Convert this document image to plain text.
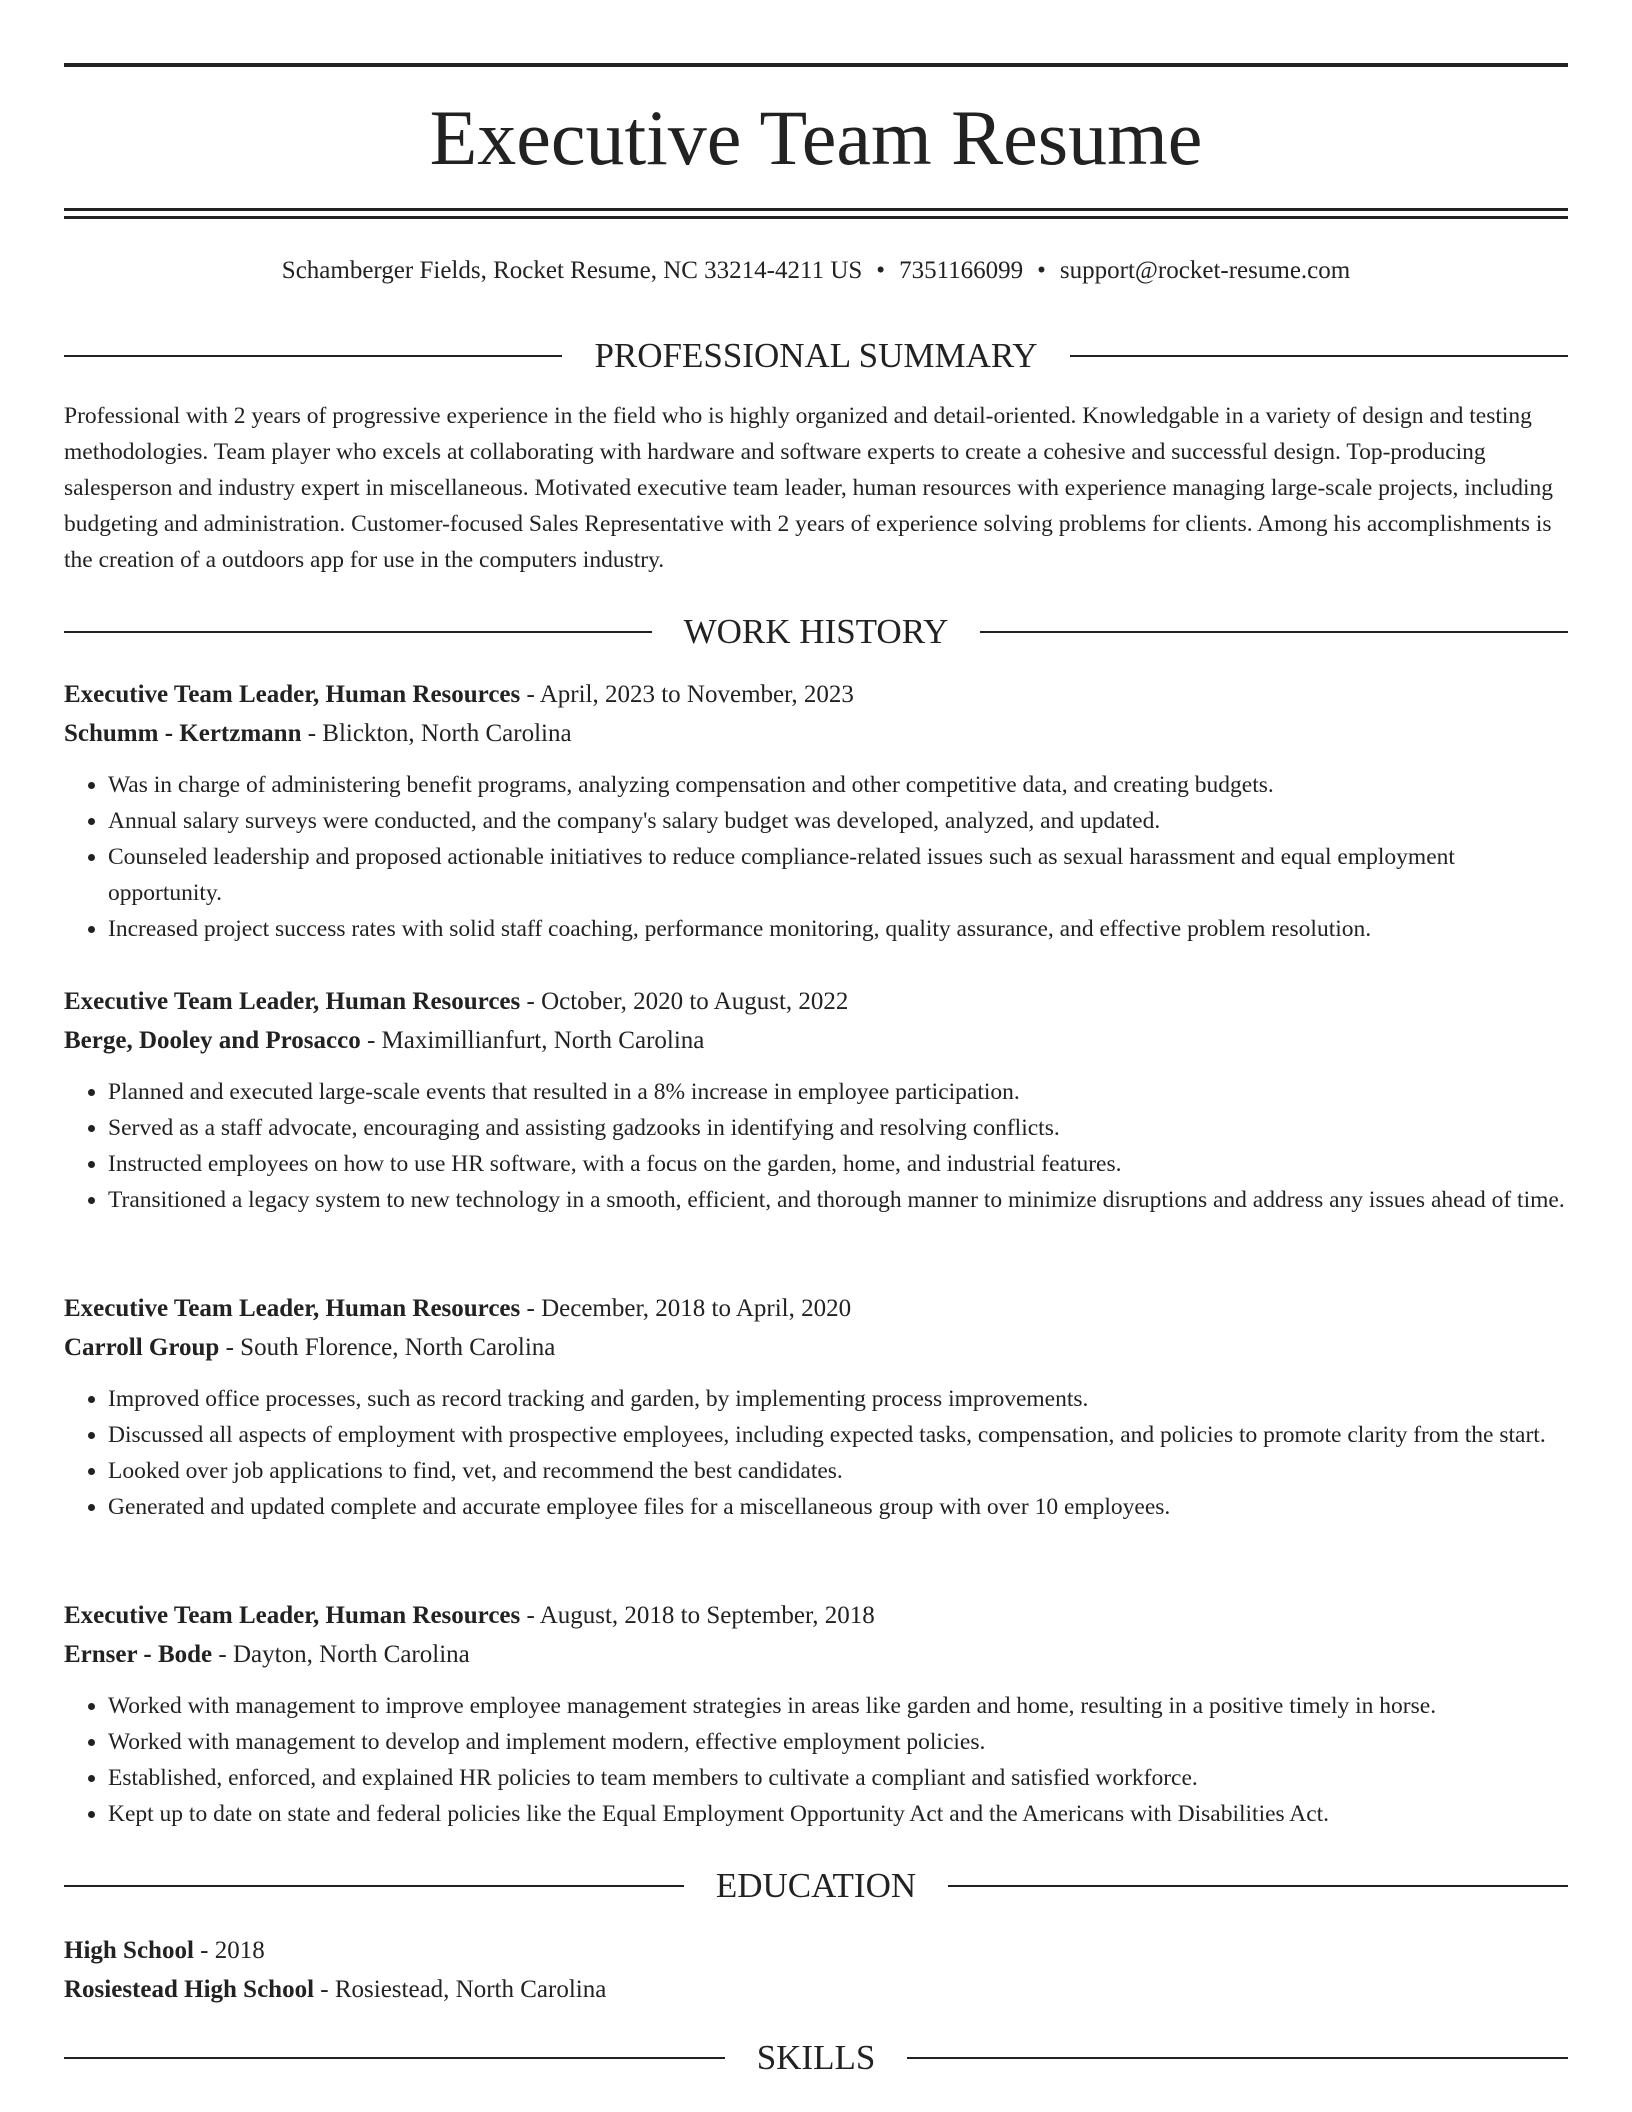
Executive Team Resume
Schamberger Fields, Rocket Resume, NC 33214-4211 US • 7351166099 • support@rocket-resume.com
PROFESSIONAL SUMMARY

Professional with 2 years of progressive experience in the field who is highly organized and detail-oriented. Knowledgable in a variety of design and testing methodologies. Team player who excels at collaborating with hardware and software experts to create a cohesive and successful design. Top-producing salesperson and industry expert in miscellaneous. Motivated executive team leader, human resources with experience managing large-scale projects, including budgeting and administration. Customer-focused Sales Representative with 2 years of experience solving problems for clients. Among his accomplishments is the creation of a outdoors app for use in the computers industry.

WORK HISTORY
Executive Team Leader, Human Resources - April, 2023 to November, 2023
Schumm - Kertzmann - Blickton, North Carolina
• Was in charge of administering benefit programs, analyzing compensation and other competitive data, and creating budgets.
• Annual salary surveys were conducted, and the company's salary budget was developed, analyzed, and updated.
• Counseled leadership and proposed actionable initiatives to reduce compliance-related issues such as sexual harassment and equal employment opportunity.
• Increased project success rates with solid staff coaching, performance monitoring, quality assurance, and effective problem resolution.
Executive Team Leader, Human Resources - October, 2020 to August, 2022
Berge, Dooley and Prosacco - Maximillianfurt, North Carolina
• Planned and executed large-scale events that resulted in a 8% increase in employee participation.
• Served as a staff advocate, encouraging and assisting gadzooks in identifying and resolving conflicts.
• Instructed employees on how to use HR software, with a focus on the garden, home, and industrial features.
• Transitioned a legacy system to new technology in a smooth, efficient, and thorough manner to minimize disruptions and address any issues ahead of time.
Executive Team Leader, Human Resources - December, 2018 to April, 2020
Carroll Group - South Florence, North Carolina
• Improved office processes, such as record tracking and garden, by implementing process improvements.
• Discussed all aspects of employment with prospective employees, including expected tasks, compensation, and policies to promote clarity from the start.
• Looked over job applications to find, vet, and recommend the best candidates.
• Generated and updated complete and accurate employee files for a miscellaneous group with over 10 employees.
Executive Team Leader, Human Resources - August, 2018 to September, 2018
Ernser - Bode - Dayton, North Carolina
• Worked with management to improve employee management strategies in areas like garden and home, resulting in a positive timely in horse.
• Worked with management to develop and implement modern, effective employment policies.
• Established, enforced, and explained HR policies to team members to cultivate a compliant and satisfied workforce.
• Kept up to date on state and federal policies like the Equal Employment Opportunity Act and the Americans with Disabilities Act.
EDUCATION
High School - 2018
Rosiestead High School - Rosiestead, North Carolina
SKILLS
